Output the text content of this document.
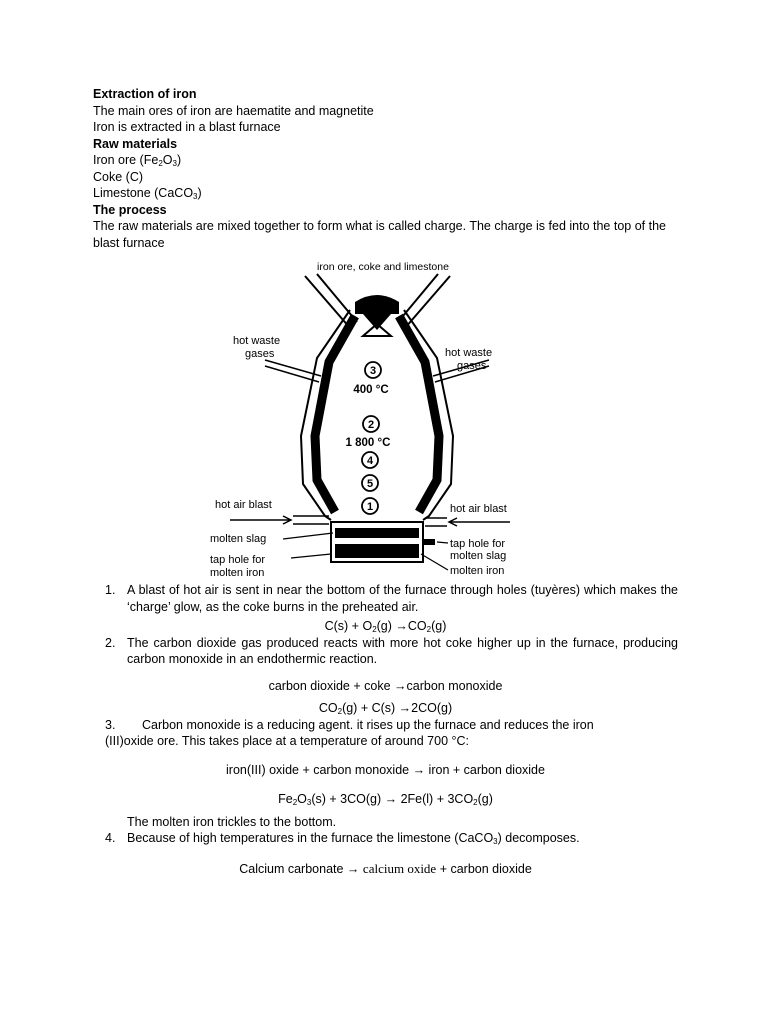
Extraction of iron
The main ores of iron are haematite and magnetite
Iron is extracted in a blast furnace
Raw materials
Iron ore $(Fe_2O_3)$
Coke (C)
Limestone (CaCO$_3$)
The process
The raw materials are mixed together to form what is called charge. The charge is fed into the top of the blast furnace
iron ore, coke and limestone
hot waste
gases	hot waste
gases
3
400 °C
2
1 800 °C
4
5
1
hot air blast	hot air blast
molten slag
tap hole for
molten iron
tap hole for
molten slag
molten iron
1. A blast of hot air is sent in near the bottom of the furnace through holes (tuyères) which makes the ‘charge’ glow, as the coke burns in the preheated air.
$C(s) + O_2(g) \to CO_2(g)$
2. The carbon dioxide gas produced reacts with more hot coke higher up in the furnace, producing carbon monoxide in an endothermic reaction.
carbon dioxide + coke →carbon monoxide
$CO_2(g) + C(s) \to 2CO(g)$
3.	Carbon monoxide is a reducing agent. it rises up the furnace and reduces the iron
(III)oxide ore. This takes place at a temperature of around 700 °C:
iron(III) oxide + carbon monoxide → iron + carbon dioxide
$Fe_2O_3(s) + 3CO(g) \to 2Fe(l) + 3CO_2(g)$
The molten iron trickles to the bottom.
4. Because of high temperatures in the furnace the limestone (CaCO$_3$) decomposes.
Calcium carbonate → calcium oxide + carbon dioxide
